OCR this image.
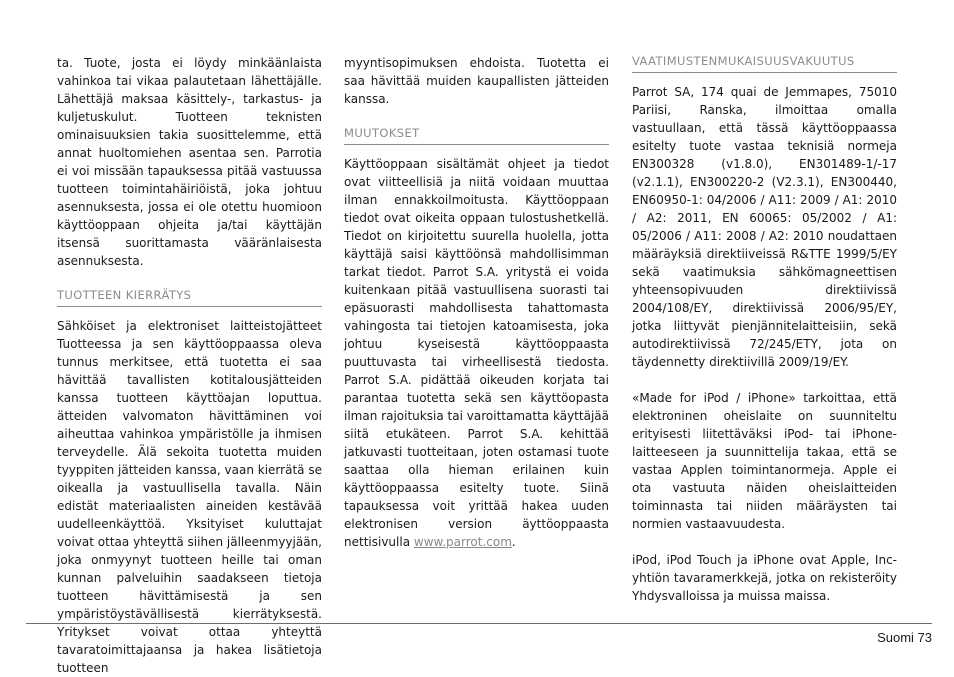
ta. Tuote, josta ei löydy minkäänlaista vahinkoa tai vikaa palautetaan lähettäjälle. Lähettäjä maksaa käsittely-, tarkastus- ja kuljetuskulut. Tuotteen teknisten ominaisuuksien takia suosittelemme, että annat huoltomiehen asentaa sen. Parrotia ei voi missään tapauksessa pitää vastuussa tuotteen toimintahäiriöistä, joka johtuu asennuksesta, jossa ei ole otettu huomioon käyttöoppaan ohjeita ja/tai käyttäjän itsensä suorittamasta vääränlaisesta asennuksesta.

TUOTTEEN KIERRÄTYS

Sähköiset ja elektroniset laitteistojätteet Tuotteessa ja sen käyttöoppaassa oleva tunnus merkitsee, että tuotetta ei saa hävittää tavallisten kotitalousjätteiden kanssa tuotteen käyttöajan loputtua. ätteiden valvomaton hävittäminen voi aiheuttaa vahinkoa ympäristölle ja ihmisen terveydelle. Älä sekoita tuotetta muiden tyyppiten jätteiden kanssa, vaan kierrätä se oikealla ja vastuullisella tavalla. Näin edistät materiaalisten aineiden kestävää uudelleenkäyttöä. Yksityiset kuluttajat voivat ottaa yhteyttä siihen jälleenmyyjään, joka onmyynyt tuotteen heille tai oman kunnan palveluihin saadakseen tietoja tuotteen hävittämisestä ja sen ympäristöystävällisestä kierrätyksestä. Yritykset voivat ottaa yhteyttä tavaratoimittajaansa ja hakea lisätietoja tuotteen

myyntisopimuksen ehdoista. Tuotetta ei saa hävittää muiden kaupallisten jätteiden kanssa.

MUUTOKSET

Käyttöoppaan sisältämät ohjeet ja tiedot ovat viitteellisiä ja niitä voidaan muuttaa ilman ennakkoilmoitusta. Käyttöoppaan tiedot ovat oikeita oppaan tulostushetkellä. Tiedot on kirjoitettu suurella huolella, jotta käyttäjä saisi käyttöönsä mahdollisimman tarkat tiedot. Parrot S.A. yritystä ei voida kuitenkaan pitää vastuullisena suorasti tai epäsuorasti mahdollisesta tahattomasta vahingosta tai tietojen katoamisesta, joka johtuu kyseisestä käyttöoppaasta puuttuvasta tai virheellisestä tiedosta. Parrot S.A. pidättää oikeuden korjata tai parantaa tuotetta sekä sen käyttöopasta ilman rajoituksia tai varoittamatta käyttäjää siitä etukäteen. Parrot S.A. kehittää jatkuvasti tuotteitaan, joten ostamasi tuote saattaa olla hieman erilainen kuin käyttöoppaassa esitelty tuote. Siinä tapauksessa voit yrittää hakea uuden elektronisen version äyttöoppaasta nettisivulla www.parrot.com.

VAATIMUSTENMUKAISUUSVAKUUTUS

Parrot SA, 174 quai de Jemmapes, 75010 Pariisi, Ranska, ilmoittaa omalla vastuullaan, että tässä käyttöoppaassa esitelty tuote vastaa teknisiä normeja EN300328 (v1.8.0), EN301489-1/-17 (v2.1.1), EN300220-2 (V2.3.1), EN300440, EN60950-1: 04/2006 / A11: 2009 / A1: 2010 / A2: 2011, EN 60065: 05/2002 / A1: 05/2006 / A11: 2008 / A2: 2010 noudattaen määräyksiä direktiiveissä R&TTE 1999/5/EY sekä vaatimuksia sähkömagneettisen yhteensopivuuden direktiivissä 2004/108/EY, direktiivissä 2006/95/EY, jotka liittyvät pienjännitelaitteisiin, sekä autodirektiivissä 72/245/ETY, jota on täydennetty direktiivillä 2009/19/EY.

«Made for iPod / iPhone» tarkoittaa, että elektroninen oheislaite on suunniteltu erityisesti liitettäväksi iPod- tai iPhone-laitteeseen ja suunnittelija takaa, että se vastaa Applen toimintanormeja. Apple ei ota vastuuta näiden oheislaitteiden toiminnasta tai niiden määräysten tai normien vastaavuudesta.

iPod, iPod Touch ja iPhone ovat Apple, Inc-yhtiön tavaramerkkejä, jotka on rekisteröity Yhdysvalloissa ja muissa maissa.

Suomi 73
